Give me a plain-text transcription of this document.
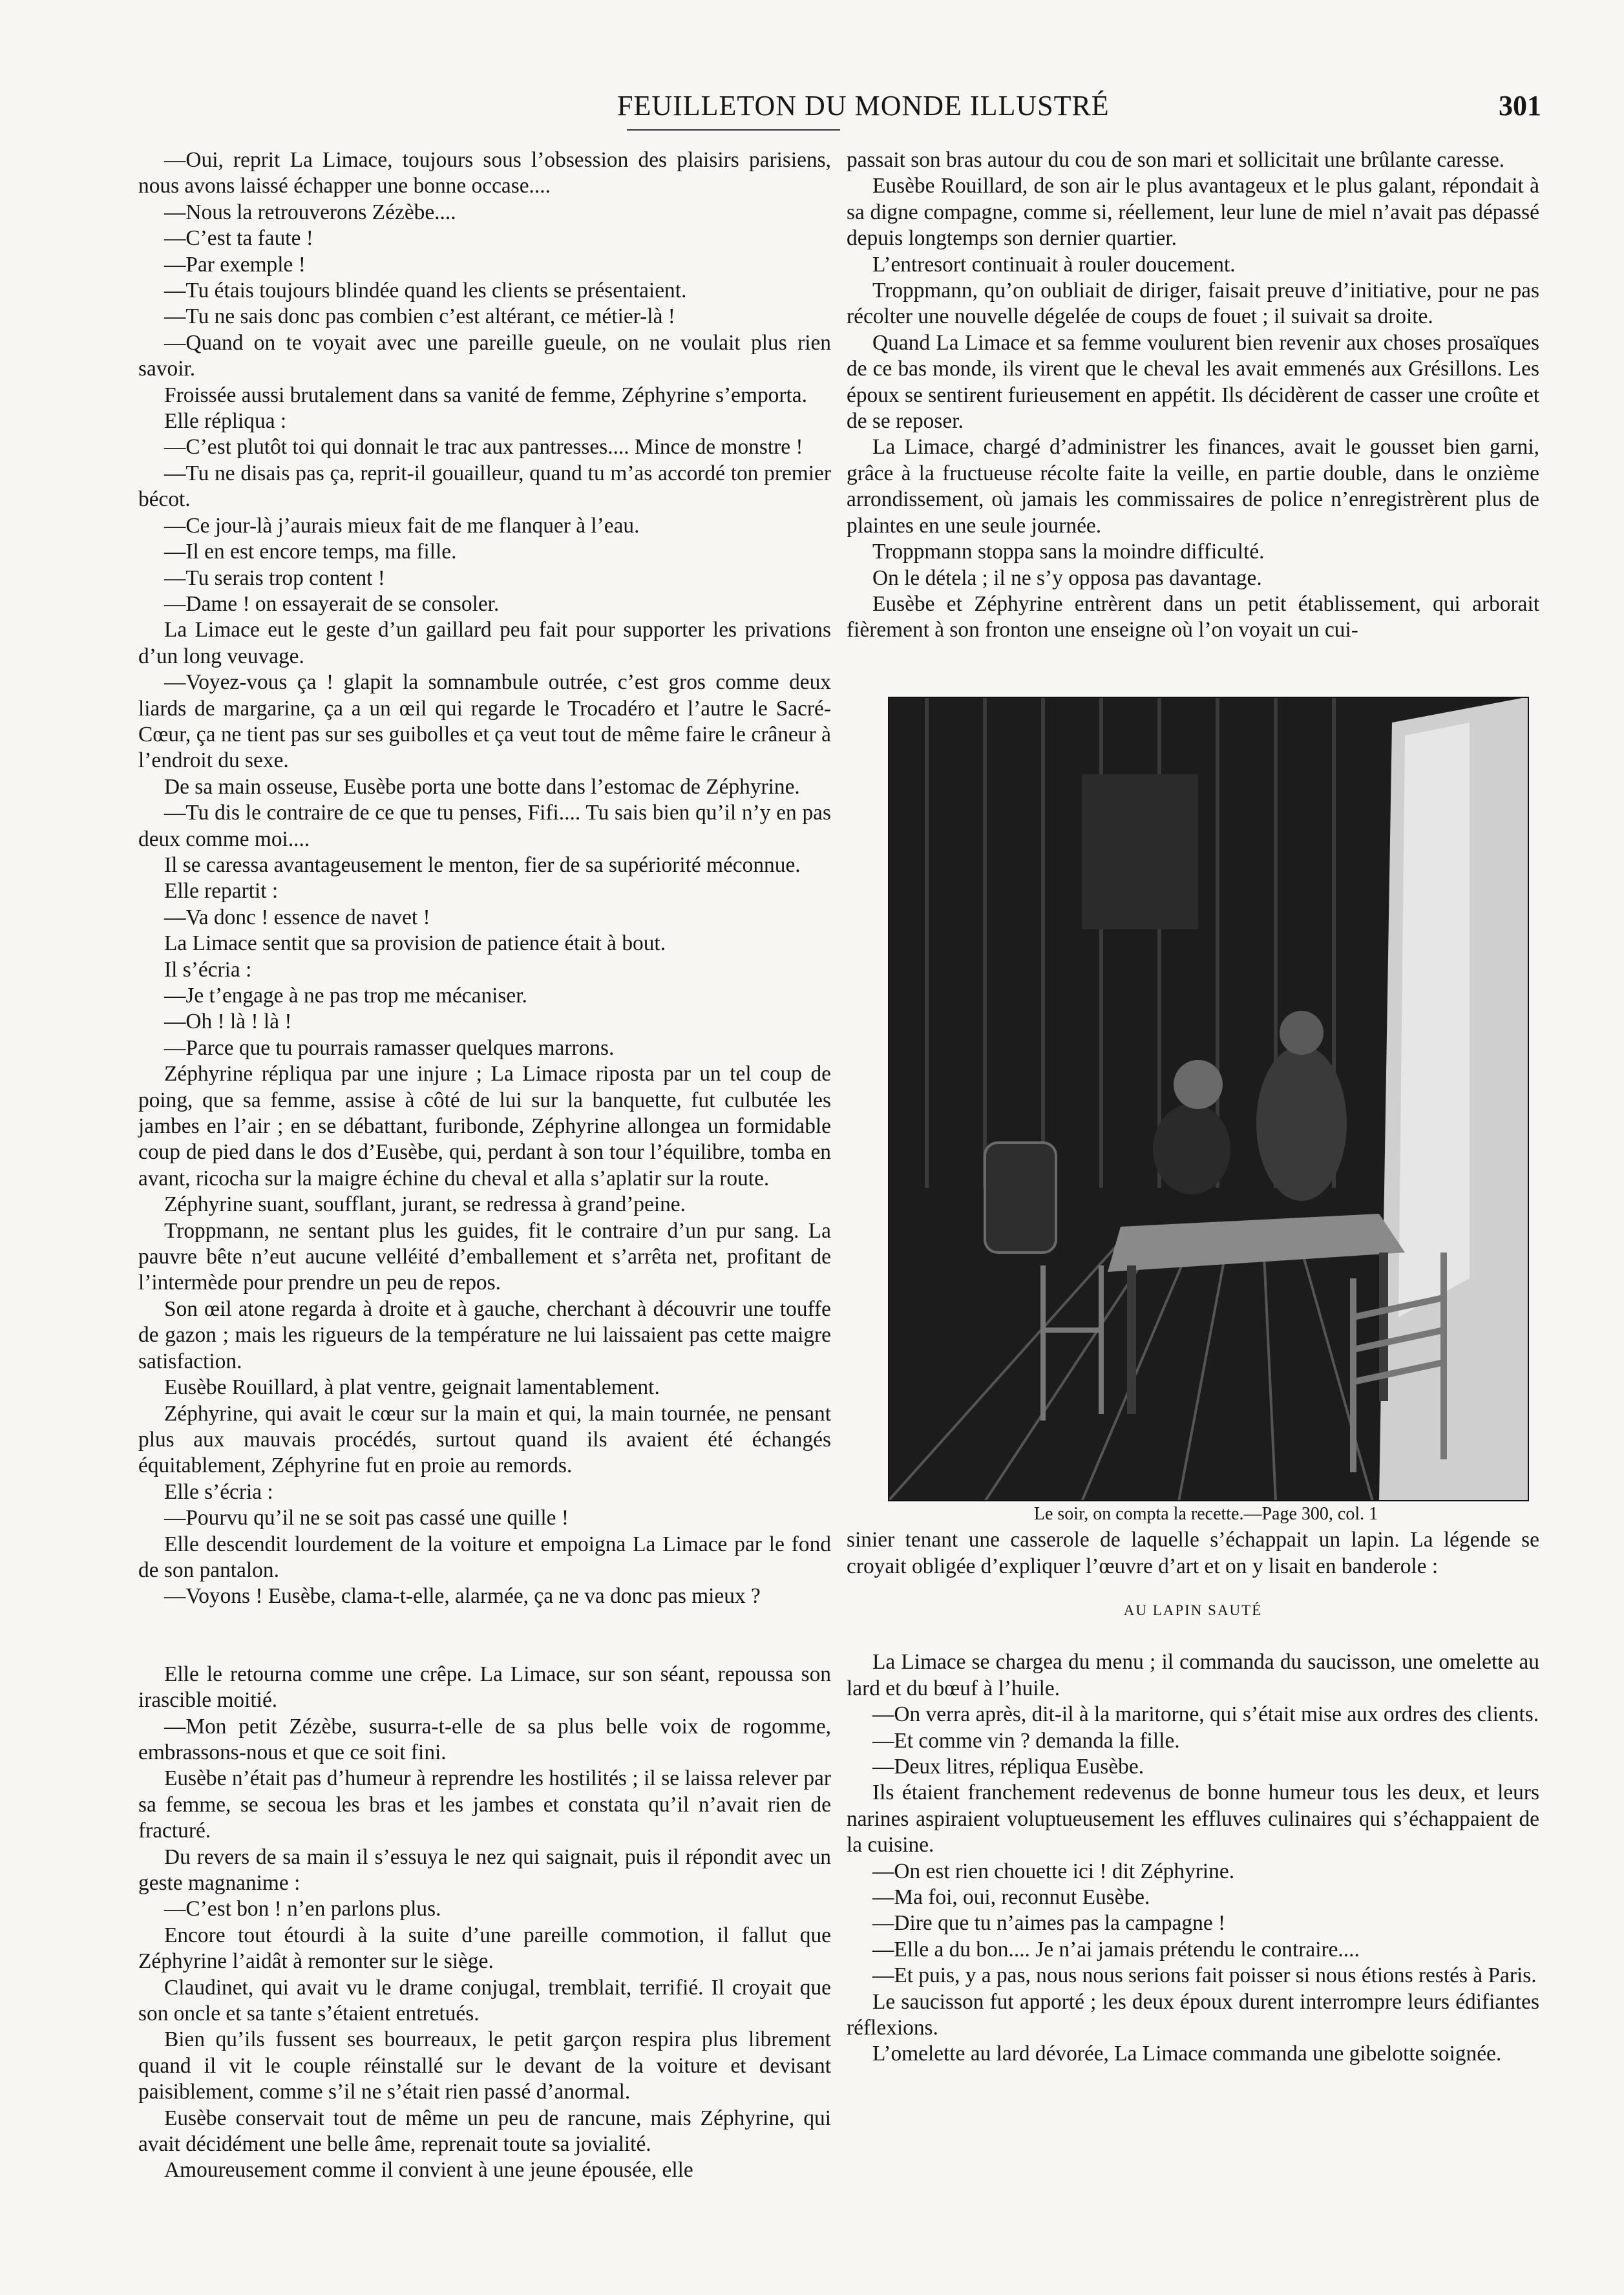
FEUILLETON DU MONDE ILLUSTRÉ	301

—Oui, reprit La Limace, toujours sous l’obsession des plaisirs parisiens, nous avons laissé échapper une bonne occase....

—Nous la retrouverons Zézèbe....

—C’est ta faute !

—Par exemple !

—Tu étais toujours blindée quand les clients se présentaient.

—Tu ne sais donc pas combien c’est altérant, ce métier-là !

—Quand on te voyait avec une pareille gueule, on ne voulait plus rien savoir.

Froissée aussi brutalement dans sa vanité de femme, Zéphyrine s’emporta.

Elle répliqua :

—C’est plutôt toi qui donnait le trac aux pantresses.... Mince de monstre !

—Tu ne disais pas ça, reprit-il gouailleur, quand tu m’as accordé ton premier bécot.

—Ce jour-là j’aurais mieux fait de me flanquer à l’eau.

—Il en est encore temps, ma fille.

—Tu serais trop content !

—Dame ! on essayerait de se consoler.

La Limace eut le geste d’un gaillard peu fait pour supporter les privations d’un long veuvage.

—Voyez-vous ça ! glapit la somnambule outrée, c’est gros comme deux liards de margarine, ça a un œil qui regarde le Trocadéro et l’autre le Sacré-Cœur, ça ne tient pas sur ses guibolles et ça veut tout de même faire le crâneur à l’endroit du sexe.

De sa main osseuse, Eusèbe porta une botte dans l’estomac de Zéphyrine.

—Tu dis le contraire de ce que tu penses, Fifi.... Tu sais bien qu’il n’y en pas deux comme moi....

Il se caressa avantageusement le menton, fier de sa supériorité méconnue.

Elle repartit :

—Va donc ! essence de navet !

La Limace sentit que sa provision de patience était à bout.

Il s’écria :

—Je t’engage à ne pas trop me mécaniser.

—Oh ! là ! là !

—Parce que tu pourrais ramasser quelques marrons.

Zéphyrine répliqua par une injure ; La Limace riposta par un tel coup de poing, que sa femme, assise à côté de lui sur la banquette, fut culbutée les jambes en l’air ; en se débattant, furibonde, Zéphyrine allongea un formidable coup de pied dans le dos d’Eusèbe, qui, perdant à son tour l’équilibre, tomba en avant, ricocha sur la maigre échine du cheval et alla s’aplatir sur la route.

Zéphyrine suant, soufflant, jurant, se redressa à grand’peine.

Troppmann, ne sentant plus les guides, fit le contraire d’un pur sang. La pauvre bête n’eut aucune velléité d’emballement et s’arrêta net, profitant de l’intermède pour prendre un peu de repos.

Son œil atone regarda à droite et à gauche, cherchant à découvrir une touffe de gazon ; mais les rigueurs de la température ne lui laissaient pas cette maigre satisfaction.

Eusèbe Rouillard, à plat ventre, geignait lamentablement.

Zéphyrine, qui avait le cœur sur la main et qui, la main tournée, ne pensant plus aux mauvais procédés, surtout quand ils avaient été échangés équitablement, Zéphyrine fut en proie au remords.

Elle s’écria :

—Pourvu qu’il ne se soit pas cassé une quille !

Elle descendit lourdement de la voiture et empoigna La Limace par le fond de son pantalon.

—Voyons ! Eusèbe, clama-t-elle, alarmée, ça ne va donc pas mieux ?

Elle le retourna comme une crêpe. La Limace, sur son séant, repoussa son irascible moitié.

—Mon petit Zézèbe, susurra-t-elle de sa plus belle voix de rogomme, embrassons-nous et que ce soit fini.

Eusèbe n’était pas d’humeur à reprendre les hostilités ; il se laissa relever par sa femme, se secoua les bras et les jambes et constata qu’il n’avait rien de fracturé.

Du revers de sa main il s’essuya le nez qui saignait, puis il répondit avec un geste magnanime :

—C’est bon ! n’en parlons plus.

Encore tout étourdi à la suite d’une pareille commotion, il fallut que Zéphyrine l’aidât à remonter sur le siège.

Claudinet, qui avait vu le drame conjugal, tremblait, terrifié. Il croyait que son oncle et sa tante s’étaient entretués.

Bien qu’ils fussent ses bourreaux, le petit garçon respira plus librement quand il vit le couple réinstallé sur le devant de la voiture et devisant paisiblement, comme s’il ne s’était rien passé d’anormal.

Eusèbe conservait tout de même un peu de rancune, mais Zéphyrine, qui avait décidément une belle âme, reprenait toute sa jovialité.

Amoureusement comme il convient à une jeune épousée, elle

passait son bras autour du cou de son mari et sollicitait une brûlante caresse.

Eusèbe Rouillard, de son air le plus avantageux et le plus galant, répondait à sa digne compagne, comme si, réellement, leur lune de miel n’avait pas dépassé depuis longtemps son dernier quartier.

L’entresort continuait à rouler doucement.

Troppmann, qu’on oubliait de diriger, faisait preuve d’initiative, pour ne pas récolter une nouvelle dégelée de coups de fouet ; il suivait sa droite.

Quand La Limace et sa femme voulurent bien revenir aux choses prosaïques de ce bas monde, ils virent que le cheval les avait emmenés aux Grésillons. Les époux se sentirent furieusement en appétit. Ils décidèrent de casser une croûte et de se reposer.

La Limace, chargé d’administrer les finances, avait le gousset bien garni, grâce à la fructueuse récolte faite la veille, en partie double, dans le onzième arrondissement, où jamais les commissaires de police n’enregistrèrent plus de plaintes en une seule journée.

Troppmann stoppa sans la moindre difficulté.

On le détela ; il ne s’y opposa pas davantage.

Eusèbe et Zéphyrine entrèrent dans un petit établissement, qui arborait fièrement à son fronton une enseigne où l’on voyait un cui-

Le soir, on compta la recette.—Page 300, col. 1

sinier tenant une casserole de laquelle s’échappait un lapin. La légende se croyait obligée d’expliquer l’œuvre d’art et on y lisait en banderole :

AU LAPIN SAUTÉ

La Limace se chargea du menu ; il commanda du saucisson, une omelette au lard et du bœuf à l’huile.

—On verra après, dit-il à la maritorne, qui s’était mise aux ordres des clients.

—Et comme vin ? demanda la fille.

—Deux litres, répliqua Eusèbe.

Ils étaient franchement redevenus de bonne humeur tous les deux, et leurs narines aspiraient voluptueusement les effluves culinaires qui s’échappaient de la cuisine.

—On est rien chouette ici ! dit Zéphyrine.

—Ma foi, oui, reconnut Eusèbe.

—Dire que tu n’aimes pas la campagne !

—Elle a du bon.... Je n’ai jamais prétendu le contraire....

—Et puis, y a pas, nous nous serions fait poisser si nous étions restés à Paris.

Le saucisson fut apporté ; les deux époux durent interrompre leurs édifiantes réflexions.

L’omelette au lard dévorée, La Limace commanda une gibelotte soignée.
